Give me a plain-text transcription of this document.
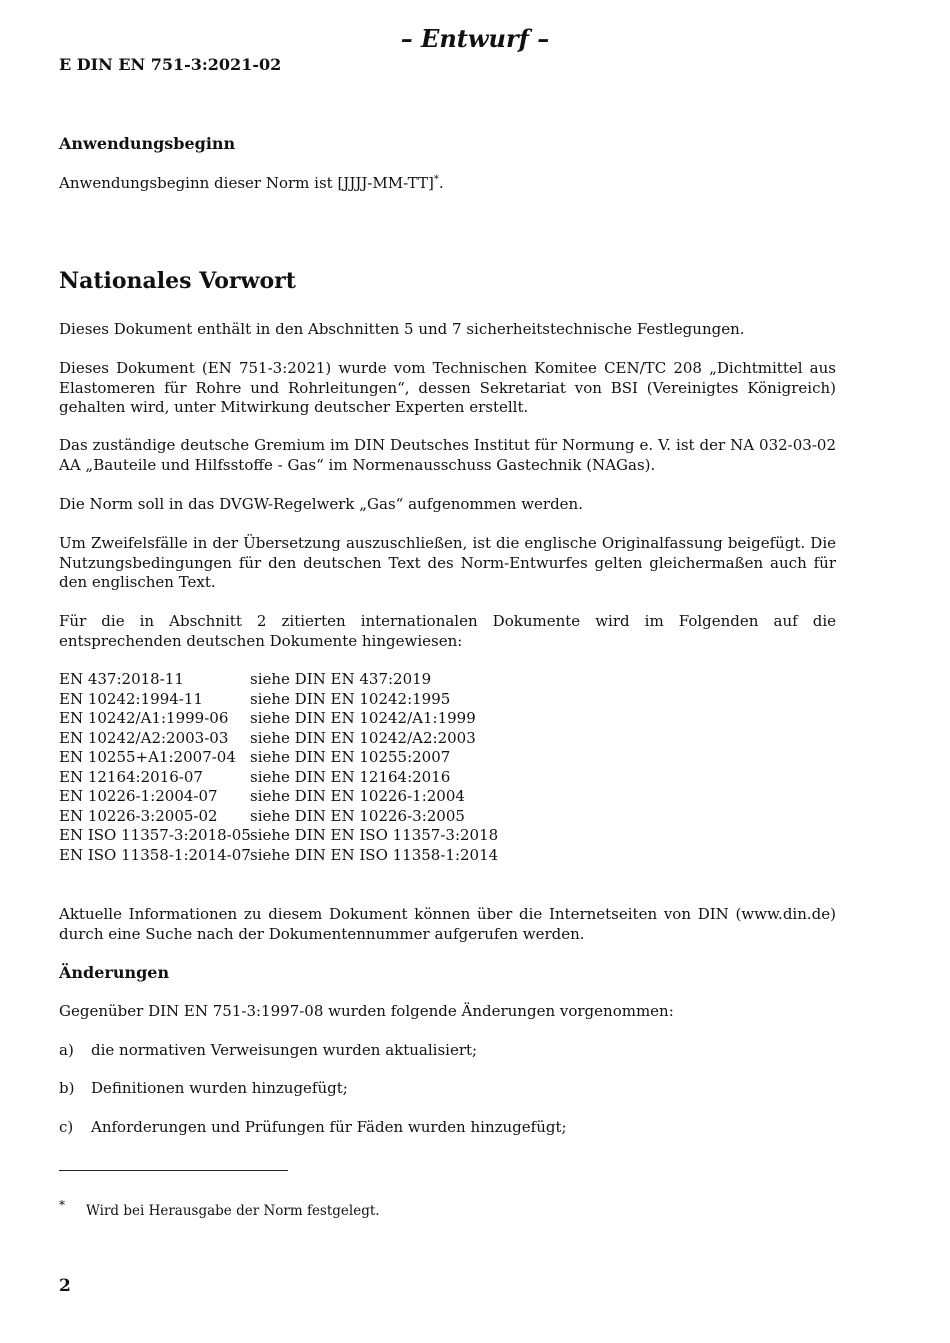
– Entwurf –
E DIN EN 751-3:2021-02
Anwendungsbeginn
Anwendungsbeginn dieser Norm ist [JJJJ-MM-TT]*.
Nationales Vorwort
Dieses Dokument enthält in den Abschnitten 5 und 7 sicherheitstechnische Festlegungen.
Dieses Dokument (EN 751-3:2021) wurde vom Technischen Komitee CEN/TC 208 „Dichtmittel aus Elastomeren für Rohre und Rohrleitungen“, dessen Sekretariat von BSI (Vereinigtes Königreich) gehalten wird, unter Mitwirkung deutscher Experten erstellt.
Das zuständige deutsche Gremium im DIN Deutsches Institut für Normung e. V. ist der NA 032-03-02 AA „Bauteile und Hilfsstoffe - Gas“ im Normenausschuss Gastechnik (NAGas).
Die Norm soll in das DVGW-Regelwerk „Gas“ aufgenommen werden.
Um Zweifelsfälle in der Übersetzung auszuschließen, ist die englische Originalfassung beigefügt. Die Nutzungsbedingungen für den deutschen Text des Norm-Entwurfes gelten gleichermaßen auch für den englischen Text.
Für die in Abschnitt 2 zitierten internationalen Dokumente wird im Folgenden auf die entsprechenden deutschen Dokumente hingewiesen:
EN 437:2018-11	siehe DIN EN 437:2019
EN 10242:1994-11	siehe DIN EN 10242:1995
EN 10242/A1:1999-06 siehe DIN EN 10242/A1:1999
EN 10242/A2:2003-03 siehe DIN EN 10242/A2:2003
EN 10255+A1:2007-04 siehe DIN EN 10255:2007
EN 12164:2016-07	siehe DIN EN 12164:2016
EN 10226-1:2004-07 siehe DIN EN 10226-1:2004
EN 10226-3:2005-02 siehe DIN EN 10226-3:2005
EN ISO 11357-3:2018-05 siehe DIN EN ISO 11357-3:2018
EN ISO 11358-1:2014-07 siehe DIN EN ISO 11358-1:2014
Aktuelle Informationen zu diesem Dokument können über die Internetseiten von DIN (www.din.de) durch eine Suche nach der Dokumentennummer aufgerufen werden.
Änderungen
Gegenüber DIN EN 751-3:1997-08 wurden folgende Änderungen vorgenommen:
a) die normativen Verweisungen wurden aktualisiert;
b) Definitionen wurden hinzugefügt;
c) Anforderungen und Prüfungen für Fäden wurden hinzugefügt;
* Wird bei Herausgabe der Norm festgelegt.
2
